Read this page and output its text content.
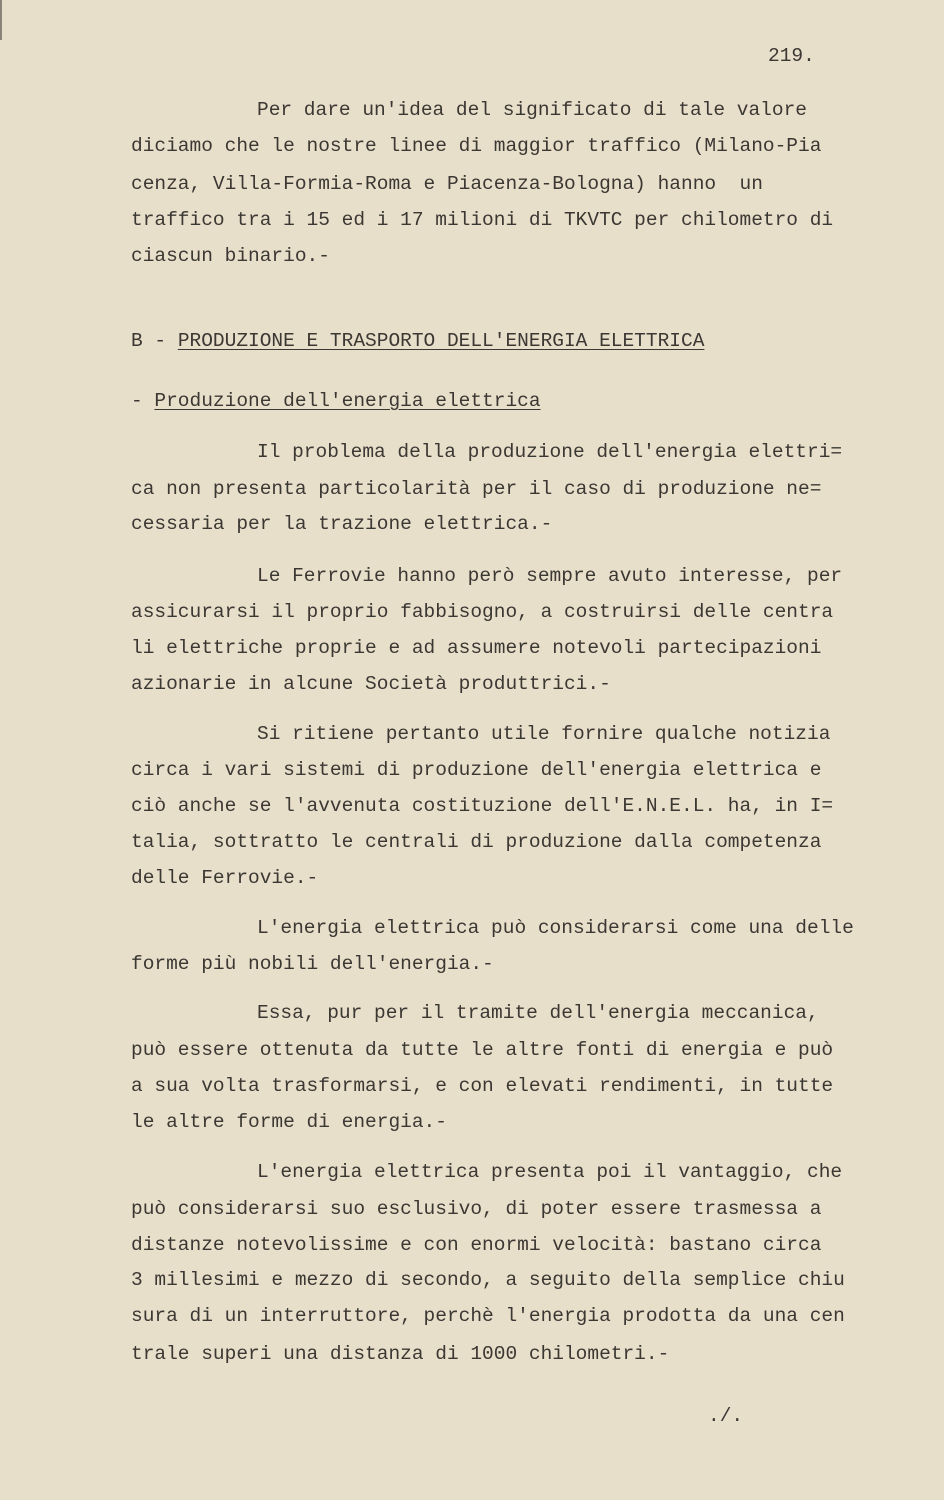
219.
Per dare un'idea del significato di tale valore
diciamo che le nostre linee di maggior traffico (Milano-Pia
cenza, Villa-Formia-Roma e Piacenza-Bologna) hanno  un
traffico tra i 15 ed i 17 milioni di TKVTC per chilometro di
ciascun binario.-
B - PRODUZIONE E TRASPORTO DELL'ENERGIA ELETTRICA
- Produzione dell'energia elettrica
Il problema della produzione dell'energia elettri=
ca non presenta particolarità per il caso di produzione ne=
cessaria per la trazione elettrica.-
Le Ferrovie hanno però sempre avuto interesse, per
assicurarsi il proprio fabbisogno, a costruirsi delle centra
li elettriche proprie e ad assumere notevoli partecipazioni
azionarie in alcune Società produttrici.-
Si ritiene pertanto utile fornire qualche notizia
circa i vari sistemi di produzione dell'energia elettrica e
ciò anche se l'avvenuta costituzione dell'E.N.E.L. ha, in I=
talia, sottratto le centrali di produzione dalla competenza
delle Ferrovie.-
L'energia elettrica può considerarsi come una delle
forme più nobili dell'energia.-
Essa, pur per il tramite dell'energia meccanica,
può essere ottenuta da tutte le altre fonti di energia e può
a sua volta trasformarsi, e con elevati rendimenti, in tutte
le altre forme di energia.-
L'energia elettrica presenta poi il vantaggio, che
può considerarsi suo esclusivo, di poter essere trasmessa a
distanze notevolissime e con enormi velocità: bastano circa
3 millesimi e mezzo di secondo, a seguito della semplice chiu
sura di un interruttore, perchè l'energia prodotta da una cen
trale superi una distanza di 1000 chilometri.-
./.
